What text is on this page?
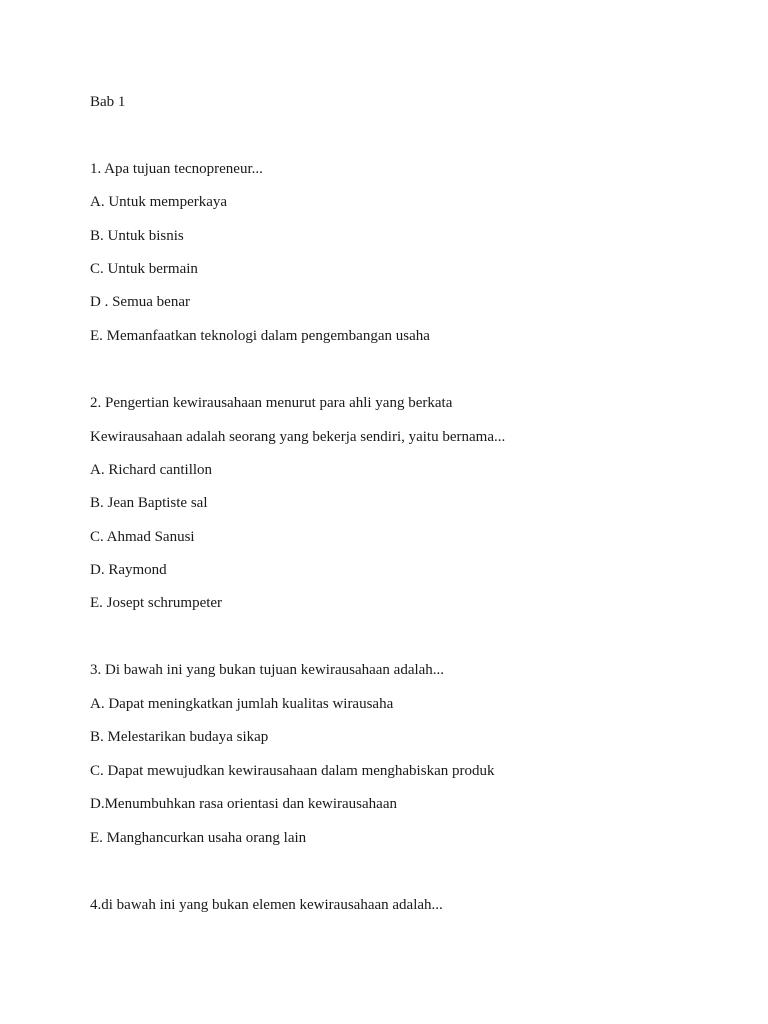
Bab 1
1. Apa tujuan tecnopreneur...
A. Untuk memperkaya
B. Untuk bisnis
C. Untuk bermain
D . Semua benar
E. Memanfaatkan teknologi dalam pengembangan usaha
2. Pengertian kewirausahaan menurut para ahli yang berkata
Kewirausahaan adalah seorang yang bekerja sendiri, yaitu bernama...
A. Richard cantillon
B. Jean Baptiste sal
C. Ahmad Sanusi
D. Raymond
E. Josept schrumpeter
3. Di bawah ini yang bukan tujuan kewirausahaan adalah...
A. Dapat meningkatkan jumlah kualitas wirausaha
B. Melestarikan budaya sikap
C. Dapat mewujudkan kewirausahaan dalam menghabiskan produk
D.Menumbuhkan rasa orientasi dan kewirausahaan
E. Manghancurkan usaha orang lain
4.di bawah ini yang bukan elemen kewirausahaan adalah...
